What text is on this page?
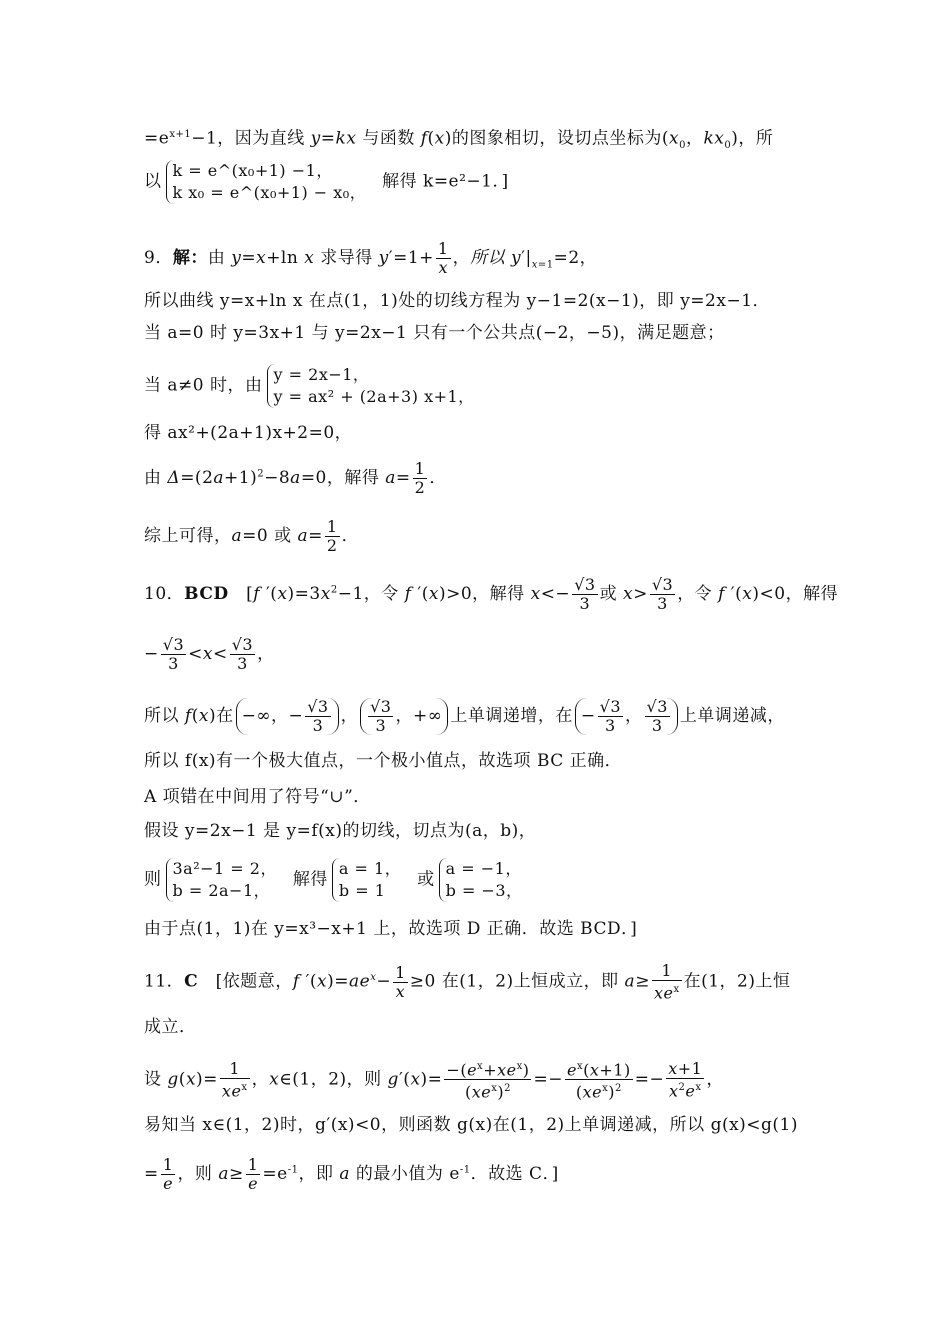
$=e^{x+1}-1$，因为直线 y=kx 与函数 f(x)的图象相切，设切点坐标为($x_0$，$kx_0$)，所
以
k = e^(x₀+1) −1，
k x₀ = e^(x₀+1) − x₀，
解得 k=e²−1．]
9．解：由 y=x+ln x 求导得 $y'=1+ \frac{1}{x}$ ，所以 $y'|_{x=1}=2$，
所以曲线 y=x+ln x 在点(1，1)处的切线方程为 y−1=2(x−1)，即 y=2x−1．
当 a=0 时 y=3x+1 与 y=2x−1 只有一个公共点(−2，−5)，满足题意；
当 a≠0 时，由
y = 2x−1，
y = ax² + (2a+3) x+1，
得 ax²+(2a+1)x+2=0，
由 $\Delta=(2a+1)^2-8a=0$，解得 $a= \frac{1}{2}$ ．
综上可得，a=0 或 $a= \frac{1}{2}$ ．
10．BCD　[f $'(x)=3x^2-1$，令 f ′(x)>0，解得 $x<- \frac{√3}{3}$ 或 $x> \frac{√3}{3}$ ，令 f ′(x)<0，解得
− $\frac{√3}{3} <x< \frac{√3}{3}$ ，
所以 f(x)在 −∞，− $\frac{√3}{3}$ ， $\frac{√3}{3}$ ，+∞ 上单调递增，在 − $\frac{√3}{3}$ ， $\frac{√3}{3}$ 上单调递减，
所以 f(x)有一个极大值点，一个极小值点，故选项 BC 正确．
A 项错在中间用了符号“∪”．
假设 y=2x−1 是 y=f(x)的切线，切点为(a，b)，
则
3a²−1 = 2，
b = 2a−1，
解得
a = 1，
b = 1
或
a = −1，
b = −3，
由于点(1，1)在 y=x³−x+1 上，故选项 D 正确．故选 BCD．]
11．C　[依题意，f $'(x)=ae^x- \frac{1}{x} \ge 0$ 在(1，2)上恒成立，即 $a\ge \frac{1}{xe^x}$ 在(1，2)上恒
成立．
设 $g(x)= \frac{1}{xe^x}$ ，x∈(1，2)，则 $g'(x)= \frac{-(e^x+xe^x)}{(xe^x)^2} =- \frac{e^x(x+1)}{(xe^x)^2} =- \frac{x+1}{x^2e^x}$ ，
易知当 x∈(1，2)时，g′(x)<0，则函数 g(x)在(1，2)上单调递减，所以 g(x)<g(1)
= $\frac{1}{e}$ ，则 $a\ge \frac{1}{e} =e^{-1}$，即 a 的最小值为 $e^{-1}$．故选 C．]
